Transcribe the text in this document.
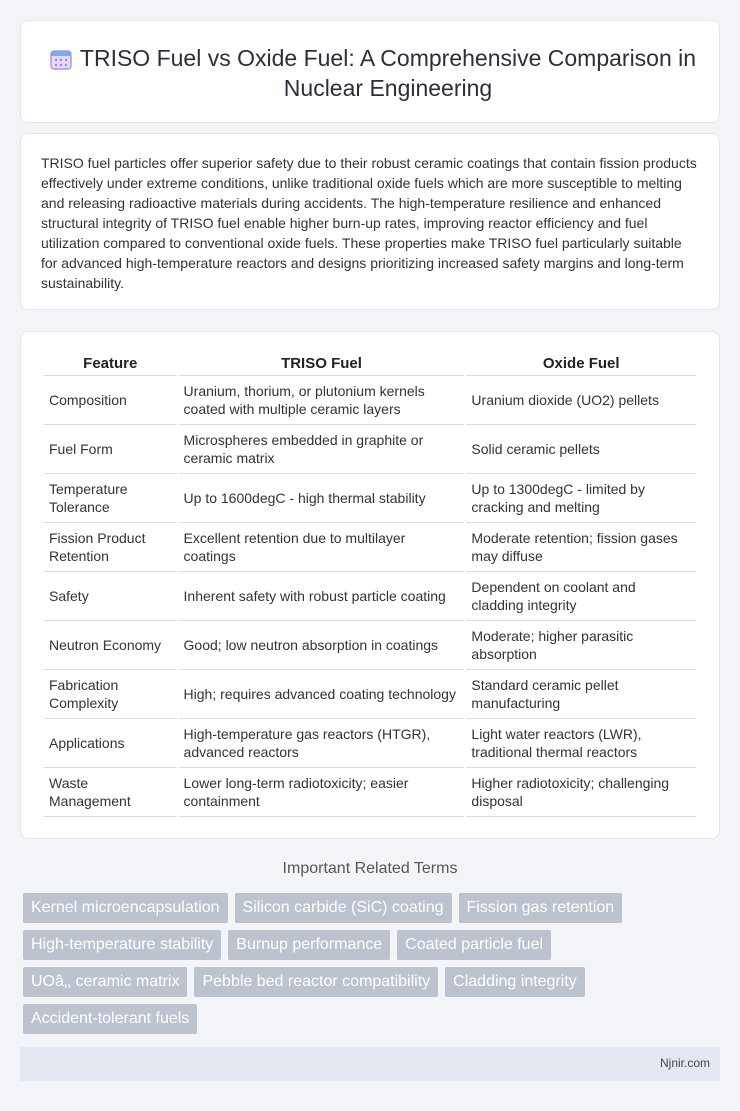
TRISO Fuel vs Oxide Fuel: A Comprehensive Comparison in Nuclear Engineering

TRISO fuel particles offer superior safety due to their robust ceramic coatings that contain fission products effectively under extreme conditions, unlike traditional oxide fuels which are more susceptible to melting and releasing radioactive materials during accidents. The high-temperature resilience and enhanced structural integrity of TRISO fuel enable higher burn-up rates, improving reactor efficiency and fuel utilization compared to conventional oxide fuels. These properties make TRISO fuel particularly suitable for advanced high-temperature reactors and designs prioritizing increased safety margins and long-term sustainability.

Feature	TRISO Fuel	Oxide Fuel
Composition	Uranium, thorium, or plutonium kernels coated with multiple ceramic layers	Uranium dioxide (UO2) pellets
Fuel Form	Microspheres embedded in graphite or ceramic matrix	Solid ceramic pellets
Temperature Tolerance	Up to 1600degC - high thermal stability	Up to 1300degC - limited by cracking and melting
Fission Product Retention	Excellent retention due to multilayer coatings	Moderate retention; fission gases may diffuse
Safety	Inherent safety with robust particle coating	Dependent on coolant and cladding integrity
Neutron Economy	Good; low neutron absorption in coatings	Moderate; higher parasitic absorption
Fabrication Complexity	High; requires advanced coating technology	Standard ceramic pellet manufacturing
Applications	High-temperature gas reactors (HTGR), advanced reactors	Light water reactors (LWR), traditional thermal reactors
Waste Management	Lower long-term radiotoxicity; easier containment	Higher radiotoxicity; challenging disposal
Important Related Terms
Kernel microencapsulation	Silicon carbide (SiC) coating	Fission gas retention
High-temperature stability	Burnup performance	Coated particle fuel
UOâ‚‚ ceramic matrix	Pebble bed reactor compatibility	Cladding integrity
Accident-tolerant fuels
Njnir.com
